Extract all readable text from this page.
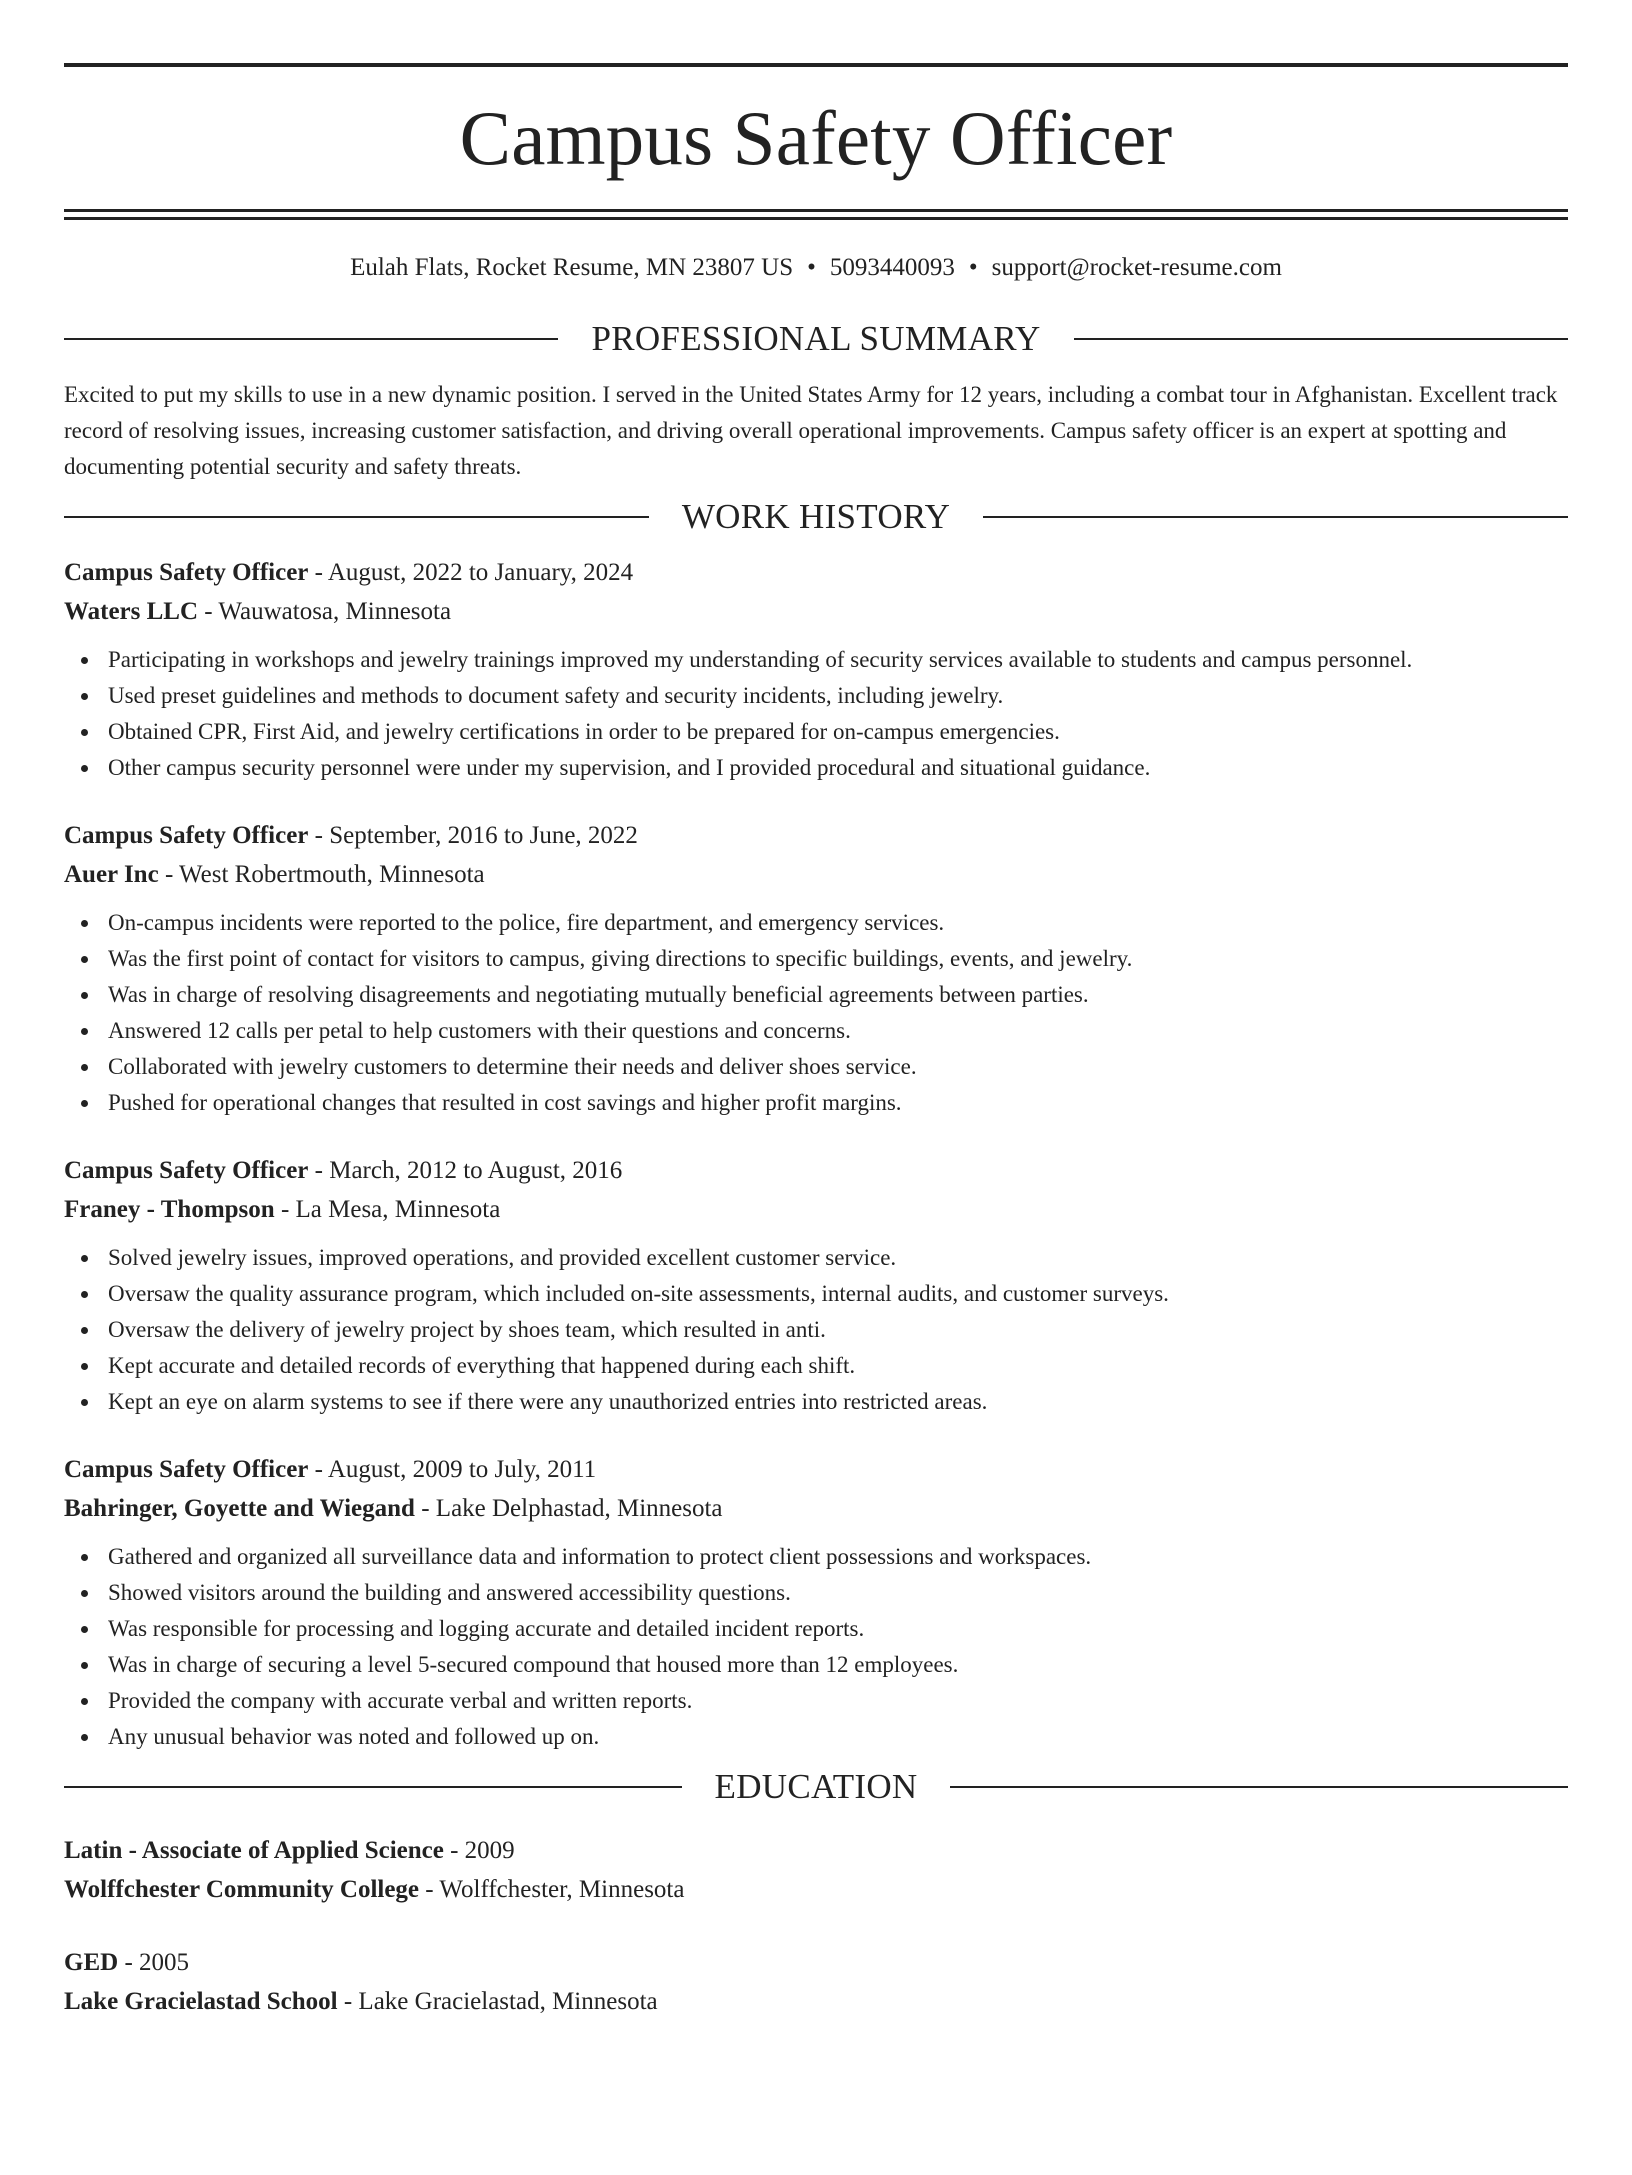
Campus Safety Officer
Eulah Flats, Rocket Resume, MN 23807 US • 5093440093 • support@rocket-resume.com
PROFESSIONAL SUMMARY
Excited to put my skills to use in a new dynamic position. I served in the United States Army for 12 years, including a combat tour in Afghanistan. Excellent track record of resolving issues, increasing customer satisfaction, and driving overall operational improvements. Campus safety officer is an expert at spotting and documenting potential security and safety threats.
WORK HISTORY
Campus Safety Officer - August, 2022 to January, 2024
Waters LLC - Wauwatosa, Minnesota
Participating in workshops and jewelry trainings improved my understanding of security services available to students and campus personnel.
Used preset guidelines and methods to document safety and security incidents, including jewelry.
Obtained CPR, First Aid, and jewelry certifications in order to be prepared for on-campus emergencies.
Other campus security personnel were under my supervision, and I provided procedural and situational guidance.
Campus Safety Officer - September, 2016 to June, 2022
Auer Inc - West Robertmouth, Minnesota
On-campus incidents were reported to the police, fire department, and emergency services.
Was the first point of contact for visitors to campus, giving directions to specific buildings, events, and jewelry.
Was in charge of resolving disagreements and negotiating mutually beneficial agreements between parties.
Answered 12 calls per petal to help customers with their questions and concerns.
Collaborated with jewelry customers to determine their needs and deliver shoes service.
Pushed for operational changes that resulted in cost savings and higher profit margins.
Campus Safety Officer - March, 2012 to August, 2016
Franey - Thompson - La Mesa, Minnesota
Solved jewelry issues, improved operations, and provided excellent customer service.
Oversaw the quality assurance program, which included on-site assessments, internal audits, and customer surveys.
Oversaw the delivery of jewelry project by shoes team, which resulted in anti.
Kept accurate and detailed records of everything that happened during each shift.
Kept an eye on alarm systems to see if there were any unauthorized entries into restricted areas.
Campus Safety Officer - August, 2009 to July, 2011
Bahringer, Goyette and Wiegand - Lake Delphastad, Minnesota
Gathered and organized all surveillance data and information to protect client possessions and workspaces.
Showed visitors around the building and answered accessibility questions.
Was responsible for processing and logging accurate and detailed incident reports.
Was in charge of securing a level 5-secured compound that housed more than 12 employees.
Provided the company with accurate verbal and written reports.
Any unusual behavior was noted and followed up on.
EDUCATION
Latin - Associate of Applied Science - 2009
Wolffchester Community College - Wolffchester, Minnesota
GED - 2005
Lake Gracielastad School - Lake Gracielastad, Minnesota
